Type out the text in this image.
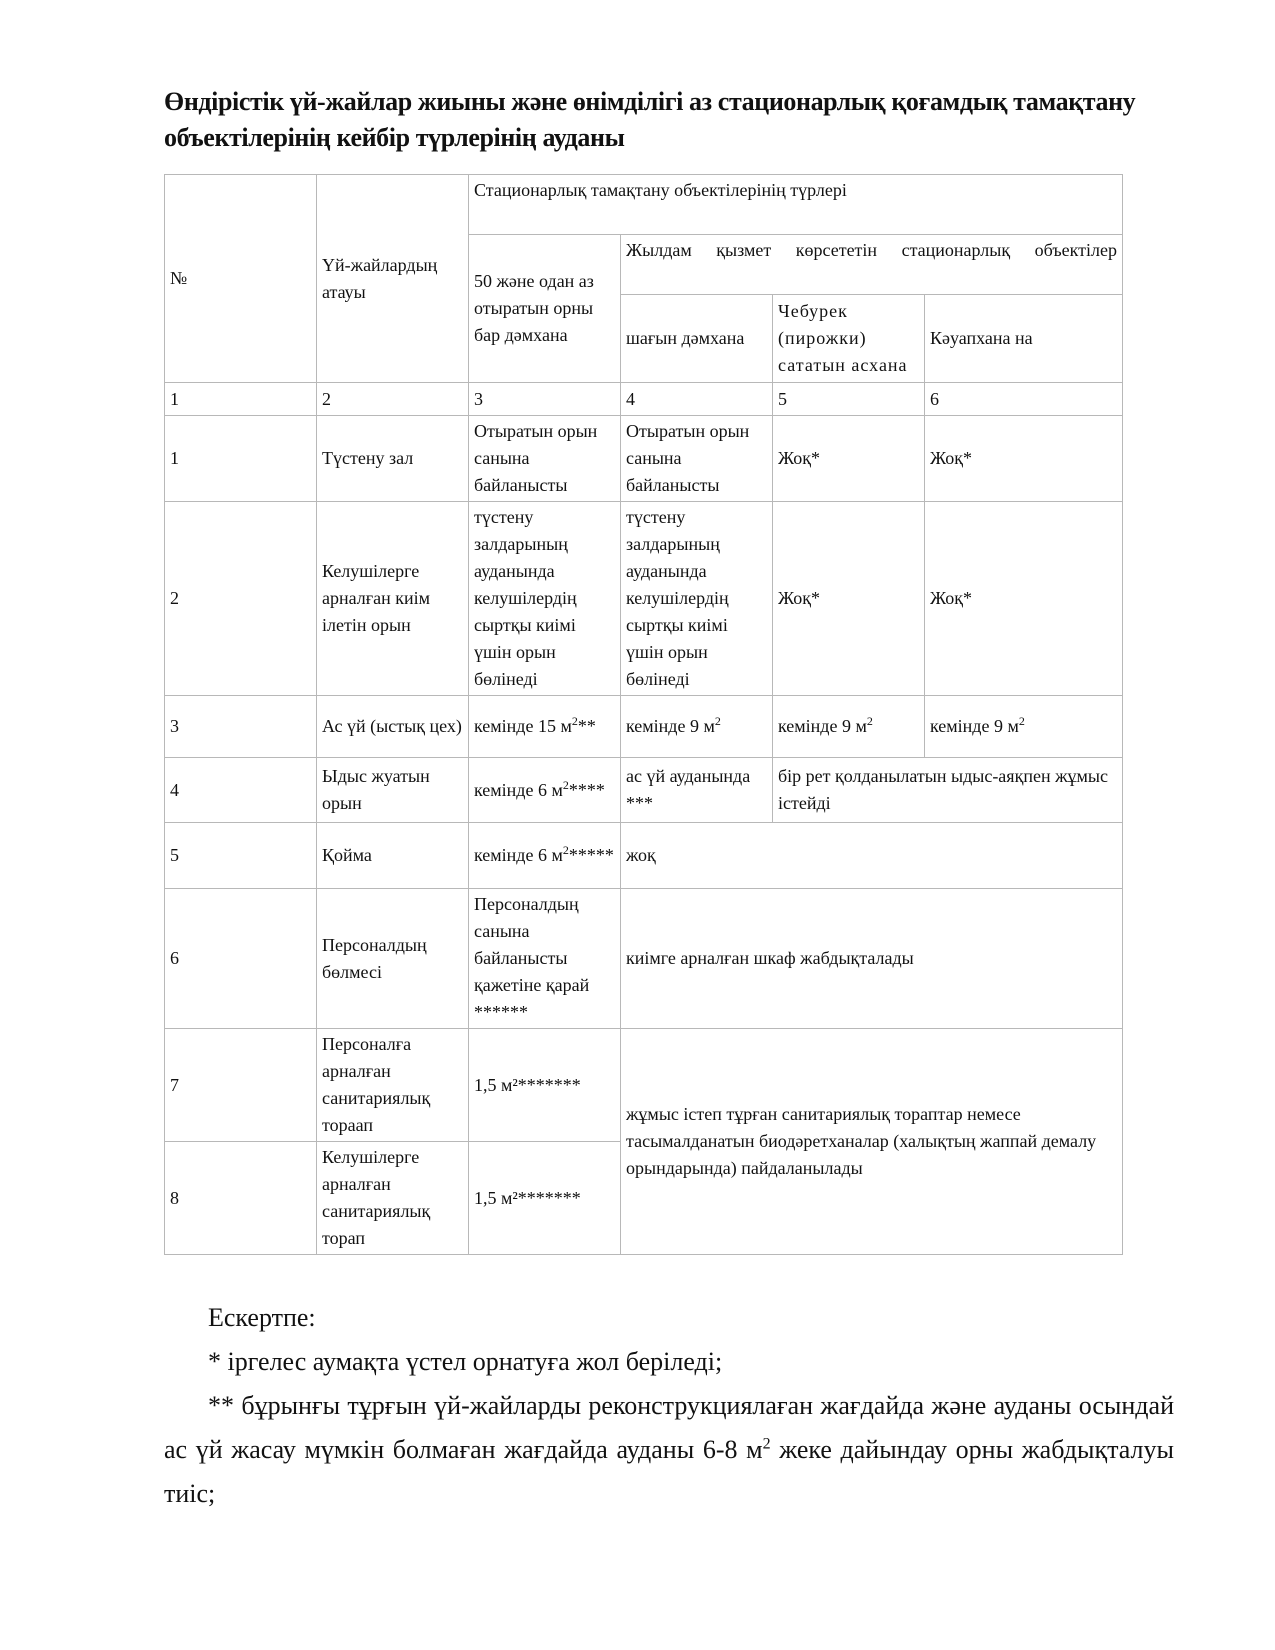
Өндірістік үй-жайлар жиыны және өнімділігі аз стационарлық қоғамдық тамақтану
объектілерінің кейбір түрлерінің ауданы
№	Үй-жайлардың атауы	Стационарлық тамақтану объектілерінің түрлері			
		50 және одан аз отыратын орны бар дәмхана	Жылдам қызмет көрсететін стационарлық объектілер		

			шағын дәмхана	Чебурек (пирожки) сататын асхана	Кәуапхана на
1	2	3	4	5	6
1	Түстену зал	Отыратын орын санына байланысты	Отыратын орын санына байланысты	Жоқ*	Жоқ*
2	Келушілерге арналған киім ілетін орын	түстену залдарының ауданында келушілердің сыртқы киімі үшін орын бөлінеді	түстену залдарының ауданында келушілердің сыртқы киімі үшін орын бөлінеді	Жоқ*	Жоқ*
3	Ас үй (ыстық цех)	кемінде 15 $м^2**$	кемінде 9 $м^2$	кемінде 9 $м^2$	кемінде 9 $м^2$
4	Ыдыс жуатын орын	кемінде 6 $м^2****$	ас үй ауданында ***	бір рет қолданылатын ыдыс-аяқпен жұмыс істейді	
5	Қойма	кемінде 6 $м^2*****$	жоқ		
6	Персоналдың бөлмесі	Персоналдың санына байланысты қажетіне қарай ******	киімге арналған шкаф жабдықталады		
7	Персоналға арналған санитариялық тораап	1,5 м²*******	жұмыс істеп тұрған санитариялық тораптар немесе тасымалданатын биодәретханалар (халықтың жаппай демалу орындарында) пайдаланылады		
8	Келушілерге арналған санитариялық торап	1,5 м²*******			

Ескертпе:

* іргелес аумақта үстел орнатуға жол беріледі;

** бұрынғы тұрғын үй-жайларды реконструкциялаған жағдайда және ауданы осындай ас үй жасау мүмкін болмаған жағдайда ауданы 6-8 $м^2$ жеке дайындау орны жабдықталуы тиіс;
